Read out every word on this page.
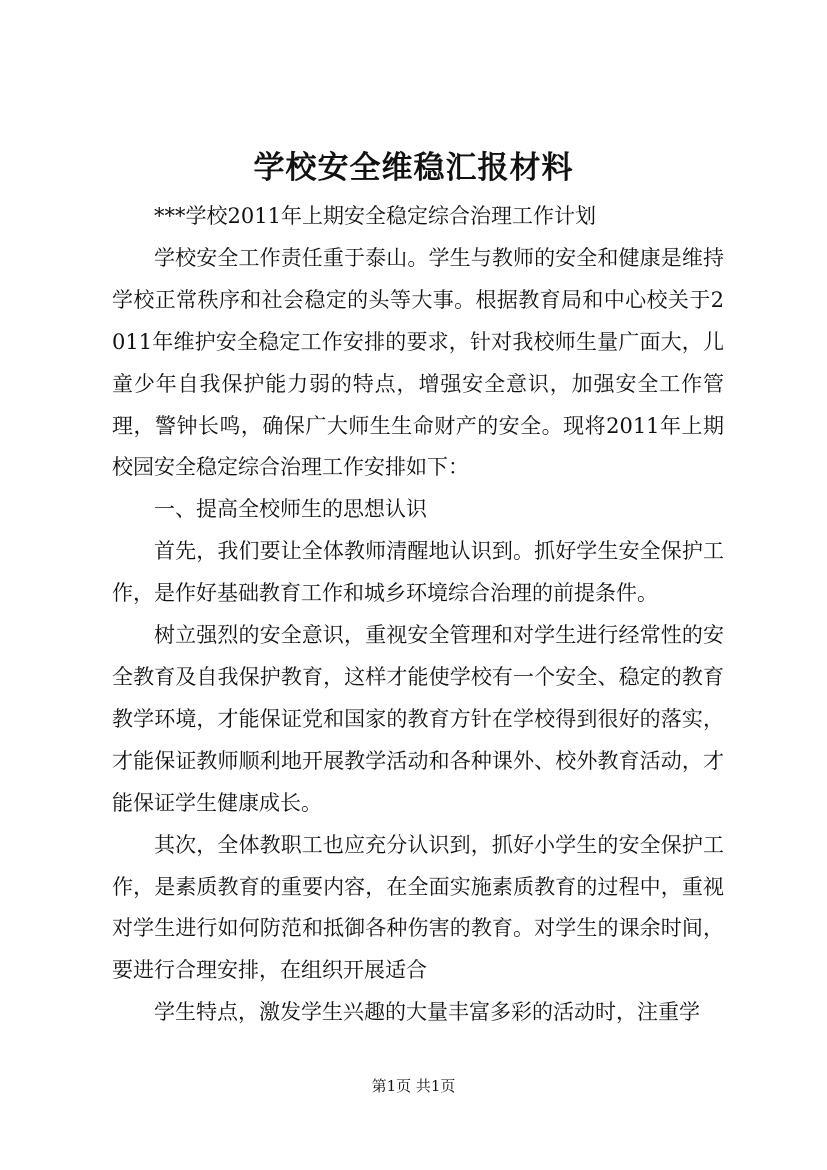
学校安全维稳汇报材料

***学校2011年上期安全稳定综合治理工作计划

学校安全工作责任重于泰山。学生与教师的安全和健康是维持学校正常秩序和社会稳定的头等大事。根据教育局和中心校关于2011年维护安全稳定工作安排的要求，针对我校师生量广面大，儿童少年自我保护能力弱的特点，增强安全意识，加强安全工作管理，警钟长鸣，确保广大师生生命财产的安全。现将2011年上期校园安全稳定综合治理工作安排如下：

一、提高全校师生的思想认识

首先，我们要让全体教师清醒地认识到。抓好学生安全保护工作，是作好基础教育工作和城乡环境综合治理的前提条件。

树立强烈的安全意识，重视安全管理和对学生进行经常性的安全教育及自我保护教育，这样才能使学校有一个安全、稳定的教育教学环境，才能保证党和国家的教育方针在学校得到很好的落实，才能保证教师顺利地开展教学活动和各种课外、校外教育活动，才能保证学生健康成长。

其次，全体教职工也应充分认识到，抓好小学生的安全保护工作，是素质教育的重要内容，在全面实施素质教育的过程中，重视对学生进行如何防范和抵御各种伤害的教育。对学生的课余时间，要进行合理安排，在组织开展适合

学生特点，激发学生兴趣的大量丰富多彩的活动时，注重学

第1页 共1页
